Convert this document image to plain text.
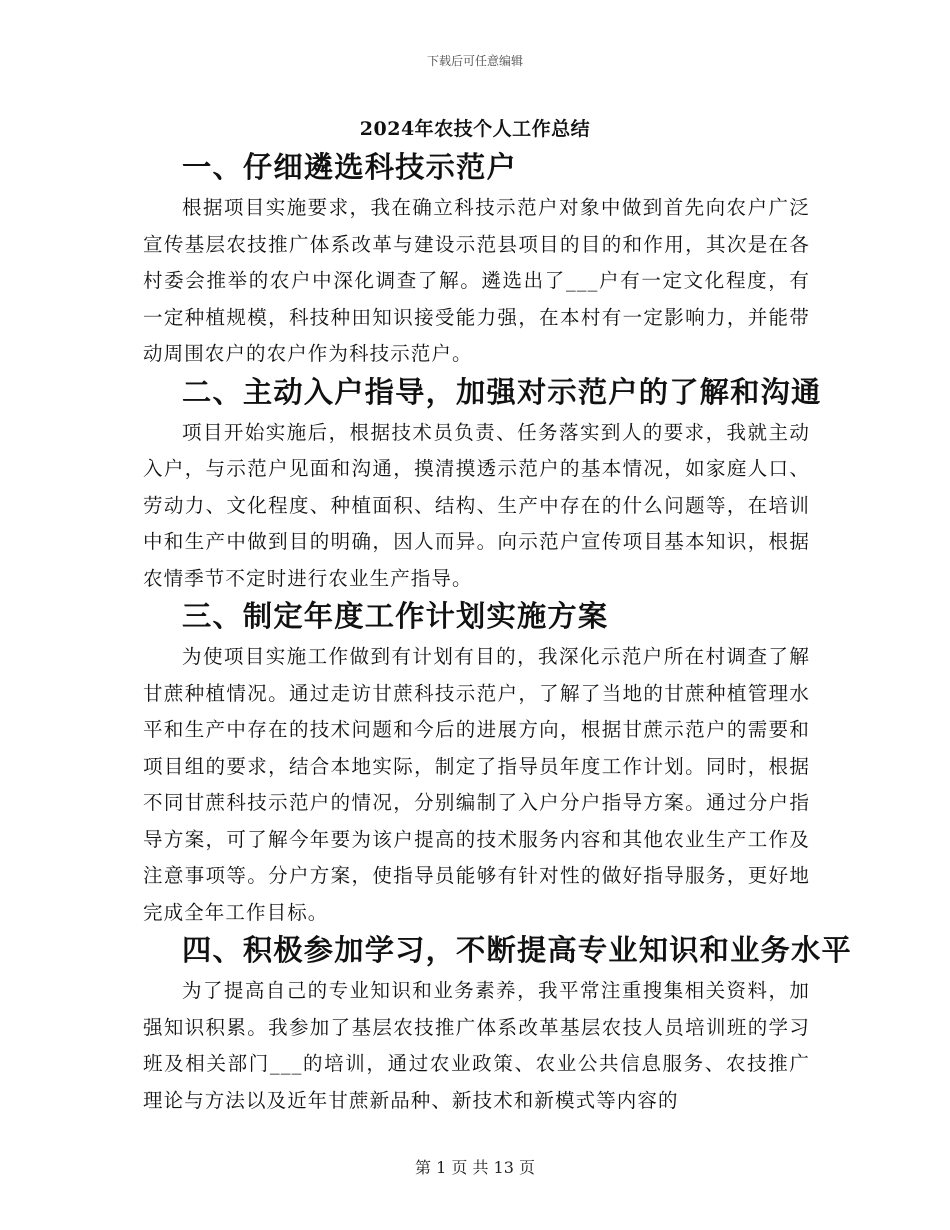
下载后可任意编辑
2024年农技个人工作总结
一、仔细遴选科技示范户

根据项目实施要求，我在确立科技示范户对象中做到首先向农户广泛宣传基层农技推广体系改革与建设示范县项目的目的和作用，其次是在各村委会推举的农户中深化调查了解。遴选出了___户有一定文化程度，有一定种植规模，科技种田知识接受能力强，在本村有一定影响力，并能带动周围农户的农户作为科技示范户。

二、主动入户指导，加强对示范户的了解和沟通

项目开始实施后，根据技术员负责、任务落实到人的要求，我就主动入户，与示范户见面和沟通，摸清摸透示范户的基本情况，如家庭人口、劳动力、文化程度、种植面积、结构、生产中存在的什么问题等，在培训中和生产中做到目的明确，因人而异。向示范户宣传项目基本知识，根据农情季节不定时进行农业生产指导。

三、制定年度工作计划实施方案

为使项目实施工作做到有计划有目的，我深化示范户所在村调查了解甘蔗种植情况。通过走访甘蔗科技示范户，了解了当地的甘蔗种植管理水平和生产中存在的技术问题和今后的进展方向，根据甘蔗示范户的需要和项目组的要求，结合本地实际，制定了指导员年度工作计划。同时，根据不同甘蔗科技示范户的情况，分别编制了入户分户指导方案。通过分户指导方案，可了解今年要为该户提高的技术服务内容和其他农业生产工作及注意事项等。分户方案，使指导员能够有针对性的做好指导服务，更好地完成全年工作目标。

四、积极参加学习，不断提高专业知识和业务水平

为了提高自己的专业知识和业务素养，我平常注重搜集相关资料，加强知识积累。我参加了基层农技推广体系改革基层农技人员培训班的学习班及相关部门___的培训，通过农业政策、农业公共信息服务、农技推广理论与方法以及近年甘蔗新品种、新技术和新模式等内容的

第 1 页 共 13 页
